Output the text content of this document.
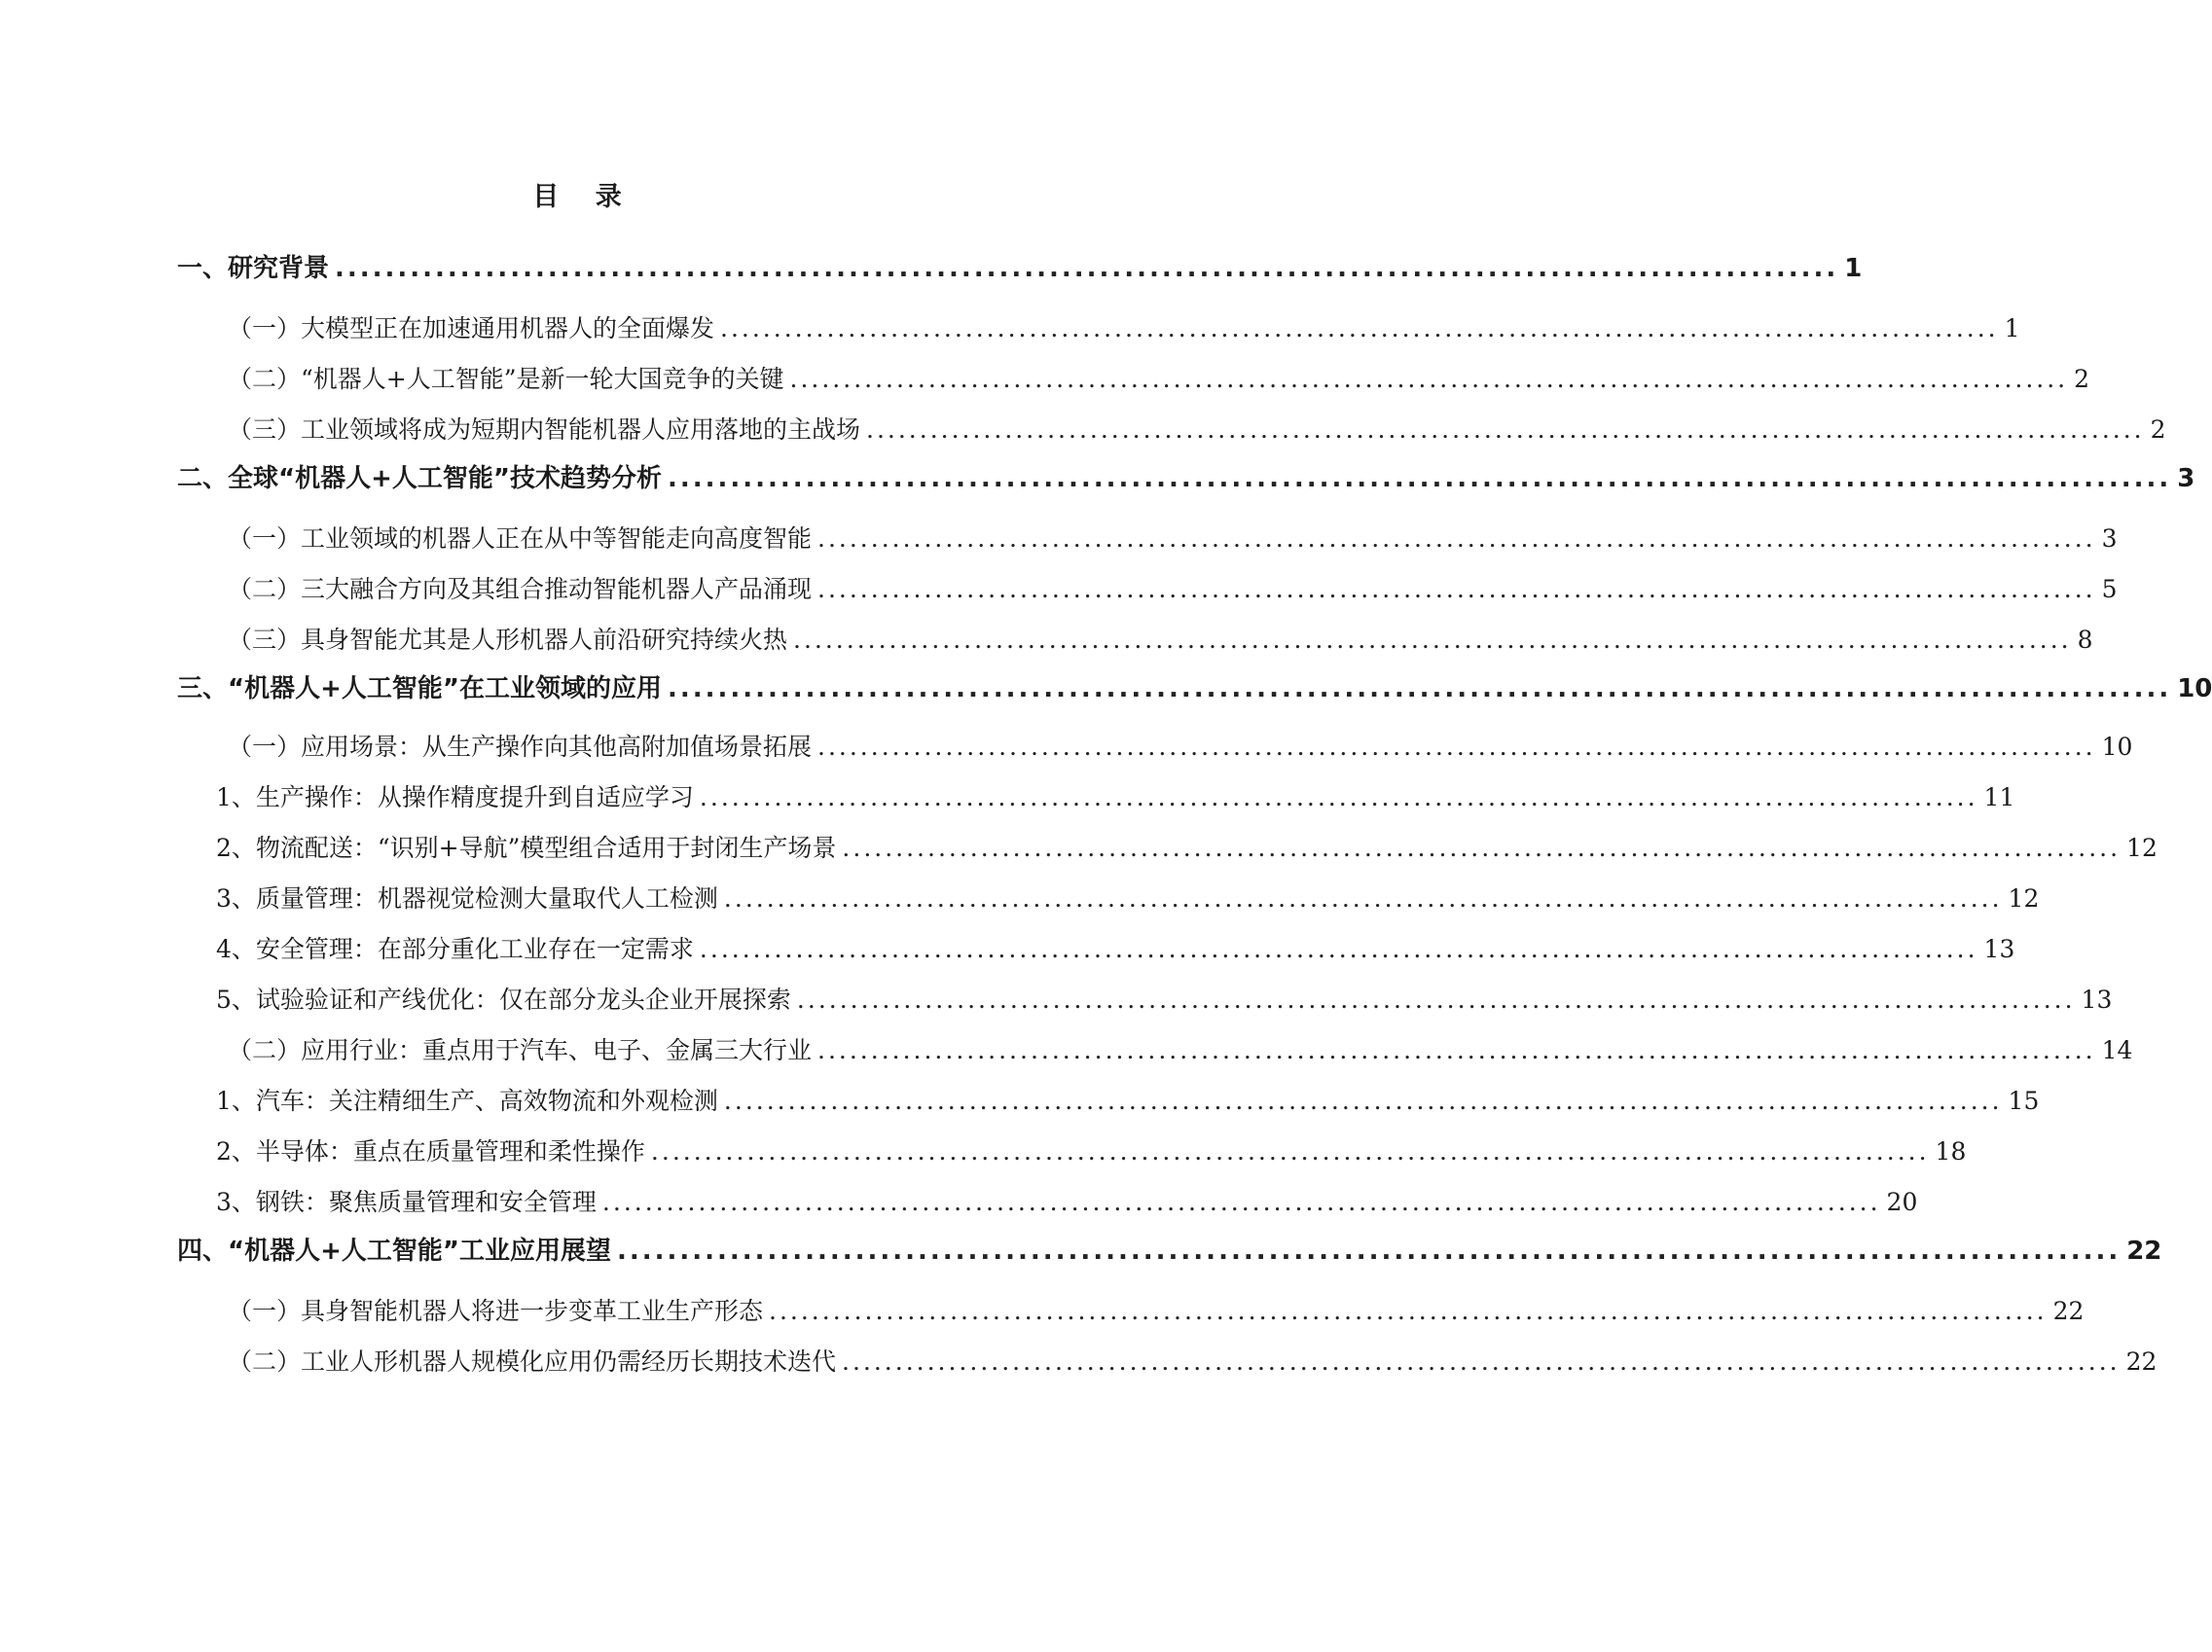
目 录
一、研究背景 ........................................................................................................................ 1
（一）大模型正在加速通用机器人的全面爆发 ........................................................................................................................ 1
（二）“机器人+人工智能”是新一轮大国竞争的关键 ........................................................................................................................ 2
（三）工业领域将成为短期内智能机器人应用落地的主战场 ........................................................................................................................ 2
二、全球“机器人+人工智能”技术趋势分析 ........................................................................................................................ 3
（一）工业领域的机器人正在从中等智能走向高度智能 ........................................................................................................................ 3
（二）三大融合方向及其组合推动智能机器人产品涌现 ........................................................................................................................ 5
（三）具身智能尤其是人形机器人前沿研究持续火热 ........................................................................................................................ 8
三、“机器人+人工智能”在工业领域的应用 ........................................................................................................................ 10
（一）应用场景：从生产操作向其他高附加值场景拓展 ........................................................................................................................ 10
1、生产操作：从操作精度提升到自适应学习 ........................................................................................................................ 11
2、物流配送：“识别+导航”模型组合适用于封闭生产场景 ........................................................................................................................ 12
3、质量管理：机器视觉检测大量取代人工检测 ........................................................................................................................ 12
4、安全管理：在部分重化工业存在一定需求 ........................................................................................................................ 13
5、试验验证和产线优化：仅在部分龙头企业开展探索 ........................................................................................................................ 13
（二）应用行业：重点用于汽车、电子、金属三大行业 ........................................................................................................................ 14
1、汽车：关注精细生产、高效物流和外观检测 ........................................................................................................................ 15
2、半导体：重点在质量管理和柔性操作 ........................................................................................................................ 18
3、钢铁：聚焦质量管理和安全管理 ........................................................................................................................ 20
四、“机器人+人工智能”工业应用展望 ........................................................................................................................ 22
（一）具身智能机器人将进一步变革工业生产形态 ........................................................................................................................ 22
（二）工业人形机器人规模化应用仍需经历长期技术迭代 ........................................................................................................................ 22
